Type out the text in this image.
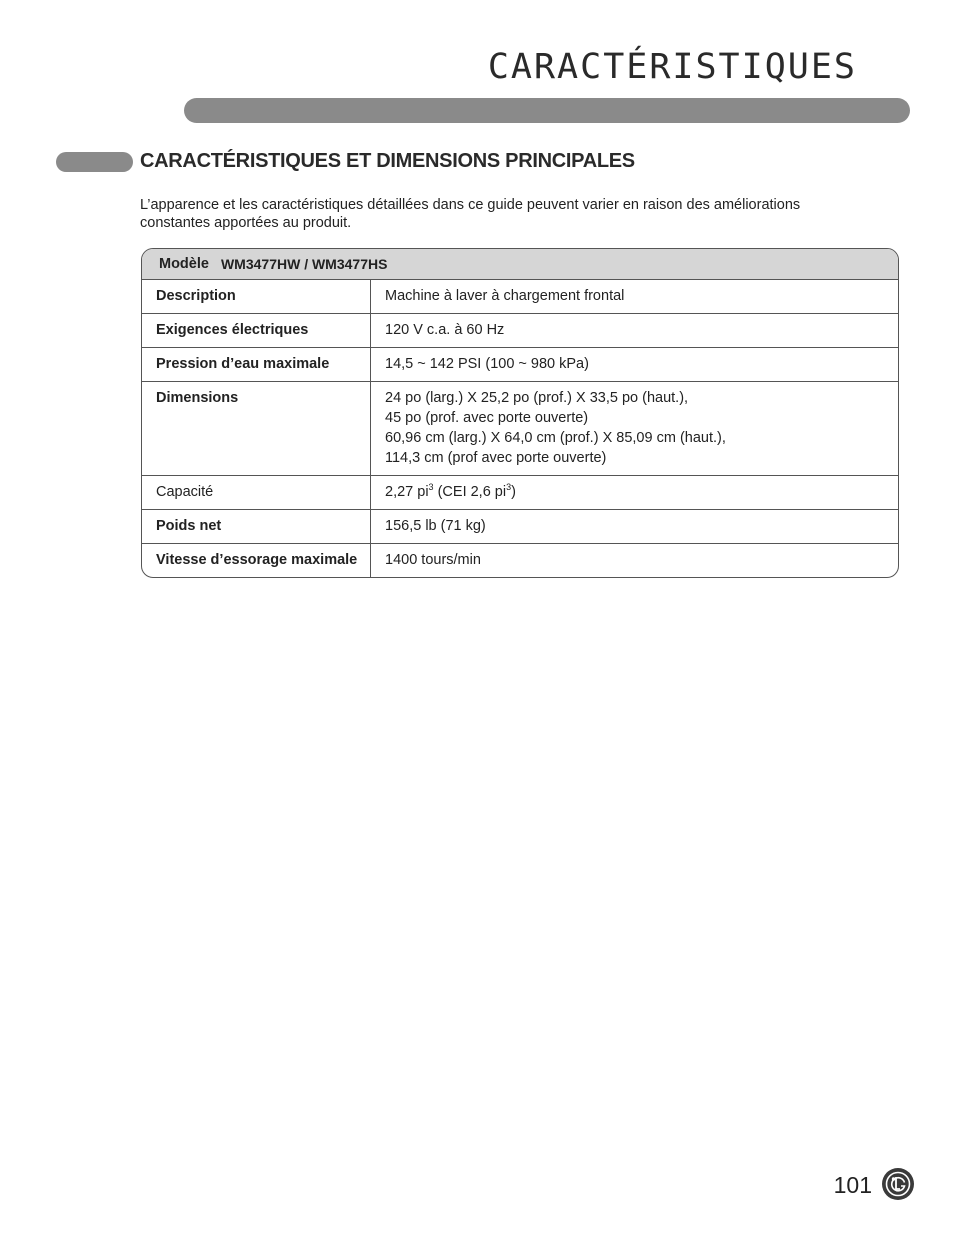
CARACTÉRISTIQUES
CARACTÉRISTIQUES ET DIMENSIONS PRINCIPALES

L’apparence et les caractéristiques détaillées dans ce guide peuvent varier en raison des améliorations constantes apportées au produit.

Modèle WM3477HW / WM3477HS
Description	Machine à laver à chargement frontal
Exigences électriques	120 V c.a. à 60 Hz
Pression d’eau maximale	14,5 ~ 142 PSI (100 ~ 980 kPa)
Dimensions	24 po (larg.) X 25,2 po (prof.) X 33,5 po (haut.),
45 po (prof. avec porte ouverte)
60,96 cm (larg.) X 64,0 cm (prof.) X 85,09 cm (haut.),
114,3 cm (prof avec porte ouverte)
Capacité	2,27 $pi^3$ (CEI 2,6 $pi^3$)
Poids net	156,5 lb (71 kg)
Vitesse d’essorage maximale	1400 tours/min
101
